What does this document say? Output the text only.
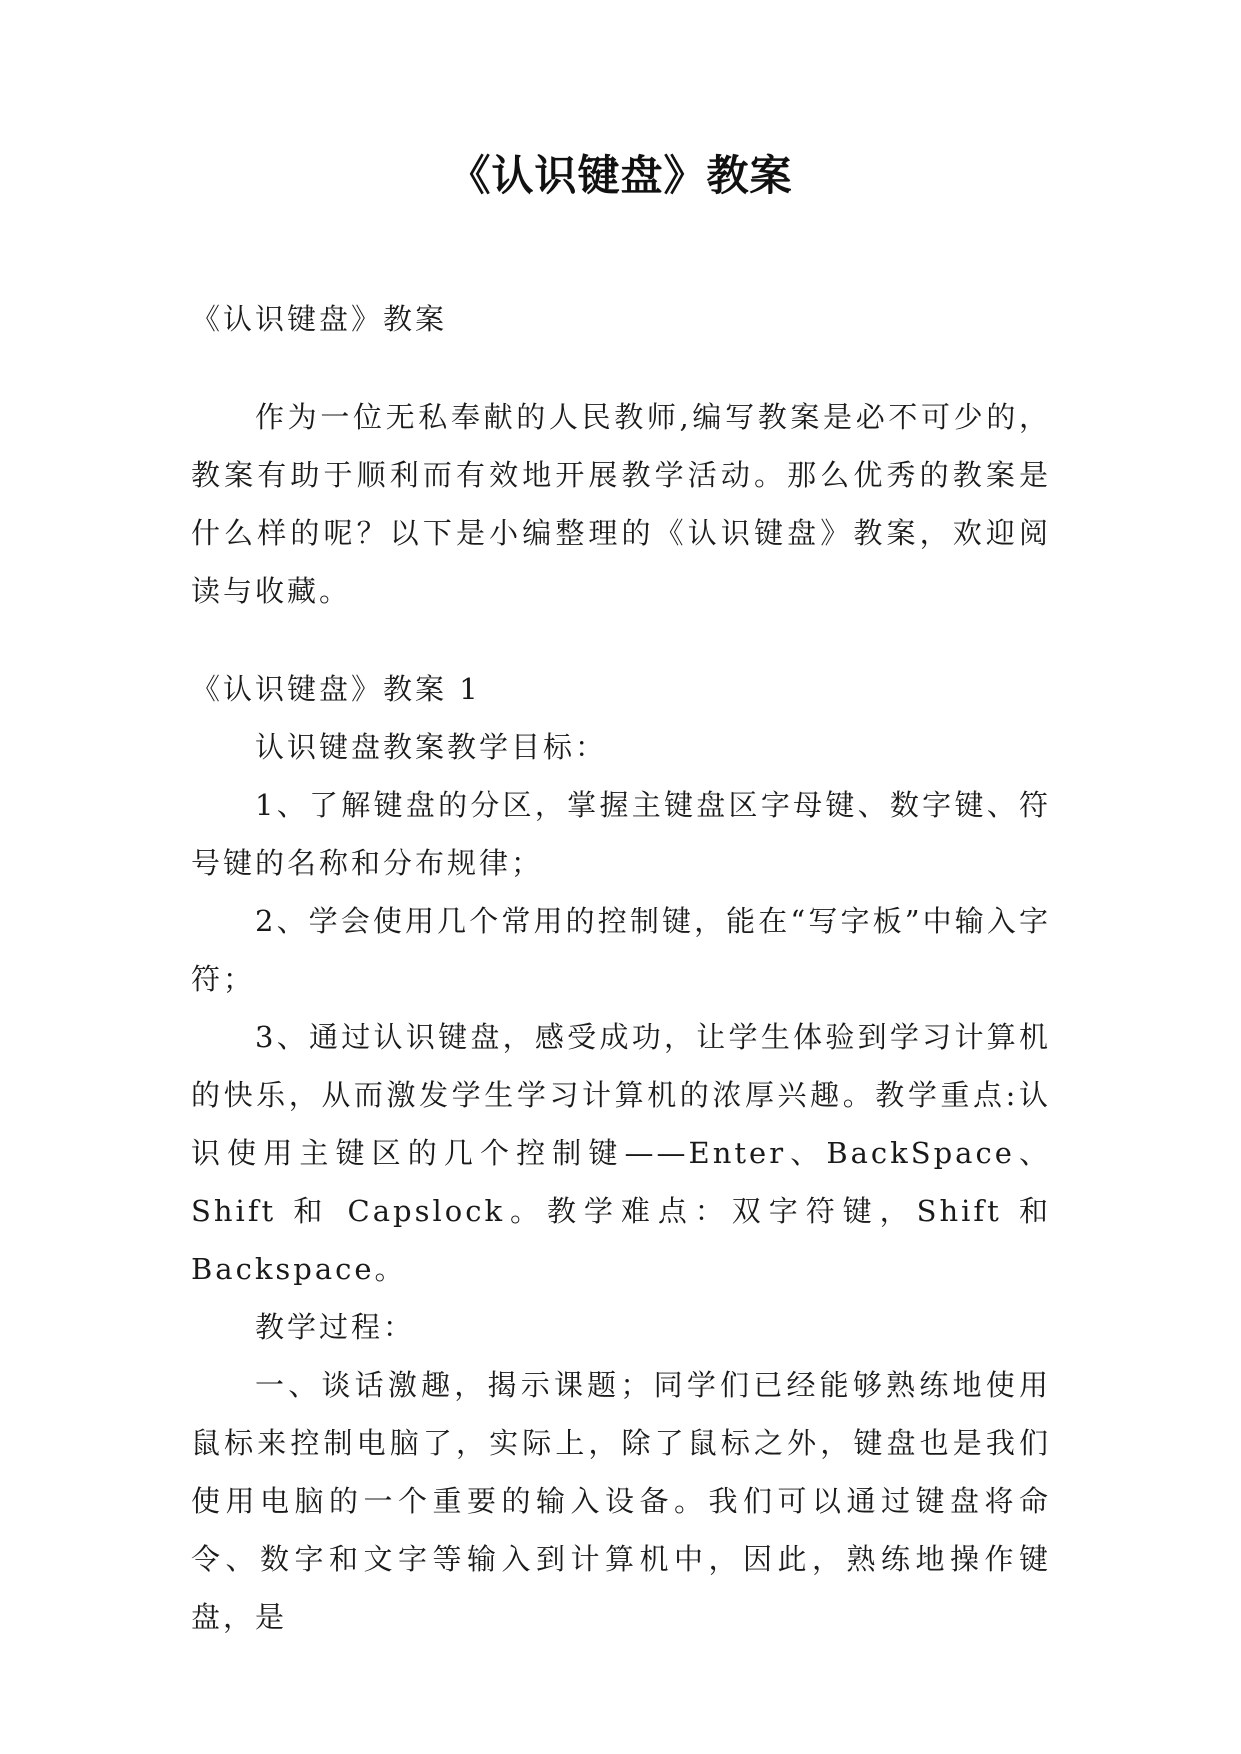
《认识键盘》教案

《认识键盘》教案

作为一位无私奉献的人民教师,编写教案是必不可少的，教案有助于顺利而有效地开展教学活动。那么优秀的教案是什么样的呢？以下是小编整理的《认识键盘》教案，欢迎阅读与收藏。

《认识键盘》教案 1

认识键盘教案教学目标：

1、了解键盘的分区，掌握主键盘区字母键、数字键、符号键的名称和分布规律；

2、学会使用几个常用的控制键，能在“写字板”中输入字符；

3、通过认识键盘，感受成功，让学生体验到学习计算机的快乐，从而激发学生学习计算机的浓厚兴趣。教学重点:认识使用主键区的几个控制键——Enter、BackSpace、Shift 和 Capslock。教学难点：双字符键，Shift 和 Backspace。

教学过程：

一、谈话激趣，揭示课题；同学们已经能够熟练地使用鼠标来控制电脑了，实际上，除了鼠标之外，键盘也是我们使用电脑的一个重要的输入设备。我们可以通过键盘将命令、数字和文字等输入到计算机中，因此，熟练地操作键盘，是
